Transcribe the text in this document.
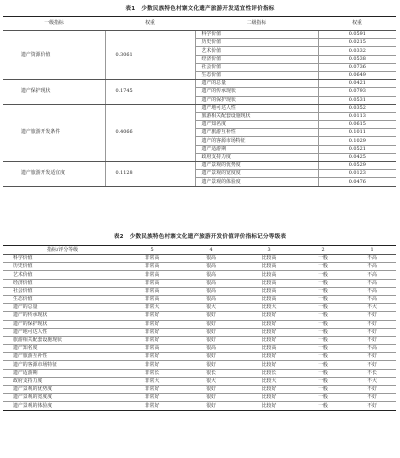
表1 少数民族特色村寨文化遗产旅游开发适宜性评价指标
一级指标	权重	二级指标	权重
遗产资源价值	0.3061	科学价值	0.0591
		历史价值	0.0215
		艺术价值	0.0332
		经济价值	0.0538
		社会价值	0.0736
		生态价值	0.0649
遗产保护现状	0.1745	遗产的总量	0.0421
		遗产的传承现状	0.0793
		遗产的保护现状	0.0531
遗产旅游开发条件	0.4066	遗产地可达人性	0.0352
		旅游相关配套设施现状	0.0113
		遗产知名度	0.0615
		遗产旅游互补性	0.1011
		遗产的客源市场特征	0.1029
		遗产适游期	0.0521
		政府支持力度	0.0425
遗产旅游开发适宜度	0.1128	遗产景观的优势度	0.0529
		遗产景观的宽度度	0.0123
		遗产景观的体验度	0.0476
表2 少数民族特色村寨文化遗产旅游开发价值评价指标记分等级表
指标/评分等级	5	4	3	2	1
科学价值	非常高	很高	比较高	一般	不高
历史价值	非常高	很高	比较高	一般	不高
艺术价值	非常高	很高	比较高	一般	不高
经济价值	非常高	很高	比较高	一般	不高
社会价值	非常高	很高	比较高	一般	不高
生态价值	非常高	很高	比较高	一般	不高
遗产的总量	非常大	很大	比较大	一般	不大
遗产的传承现状	非常好	很好	比较好	一般	不好
遗产的保护现状	非常好	很好	比较好	一般	不好
遗产地可达人性	非常好	很好	比较好	一般	不好
旅游相关配套设施现状	非常好	很好	比较好	一般	不好
遗产知名度	非常高	很高	比较高	一般	不高
遗产旅游互补性	非常好	很好	比较好	一般	不好
遗产的客源市场特征	非常好	很好	比较好	一般	不好
遗产适游期	非常长	很长	比较长	一般	不长
政府支持力度	非常大	很大	比较大	一般	不大
遗产景观的优势度	非常好	很好	比较好	一般	不好
遗产景观的宽度度	非常好	很好	比较好	一般	不好
遗产景观的体验度	非常好	很好	比较好	一般	不好
